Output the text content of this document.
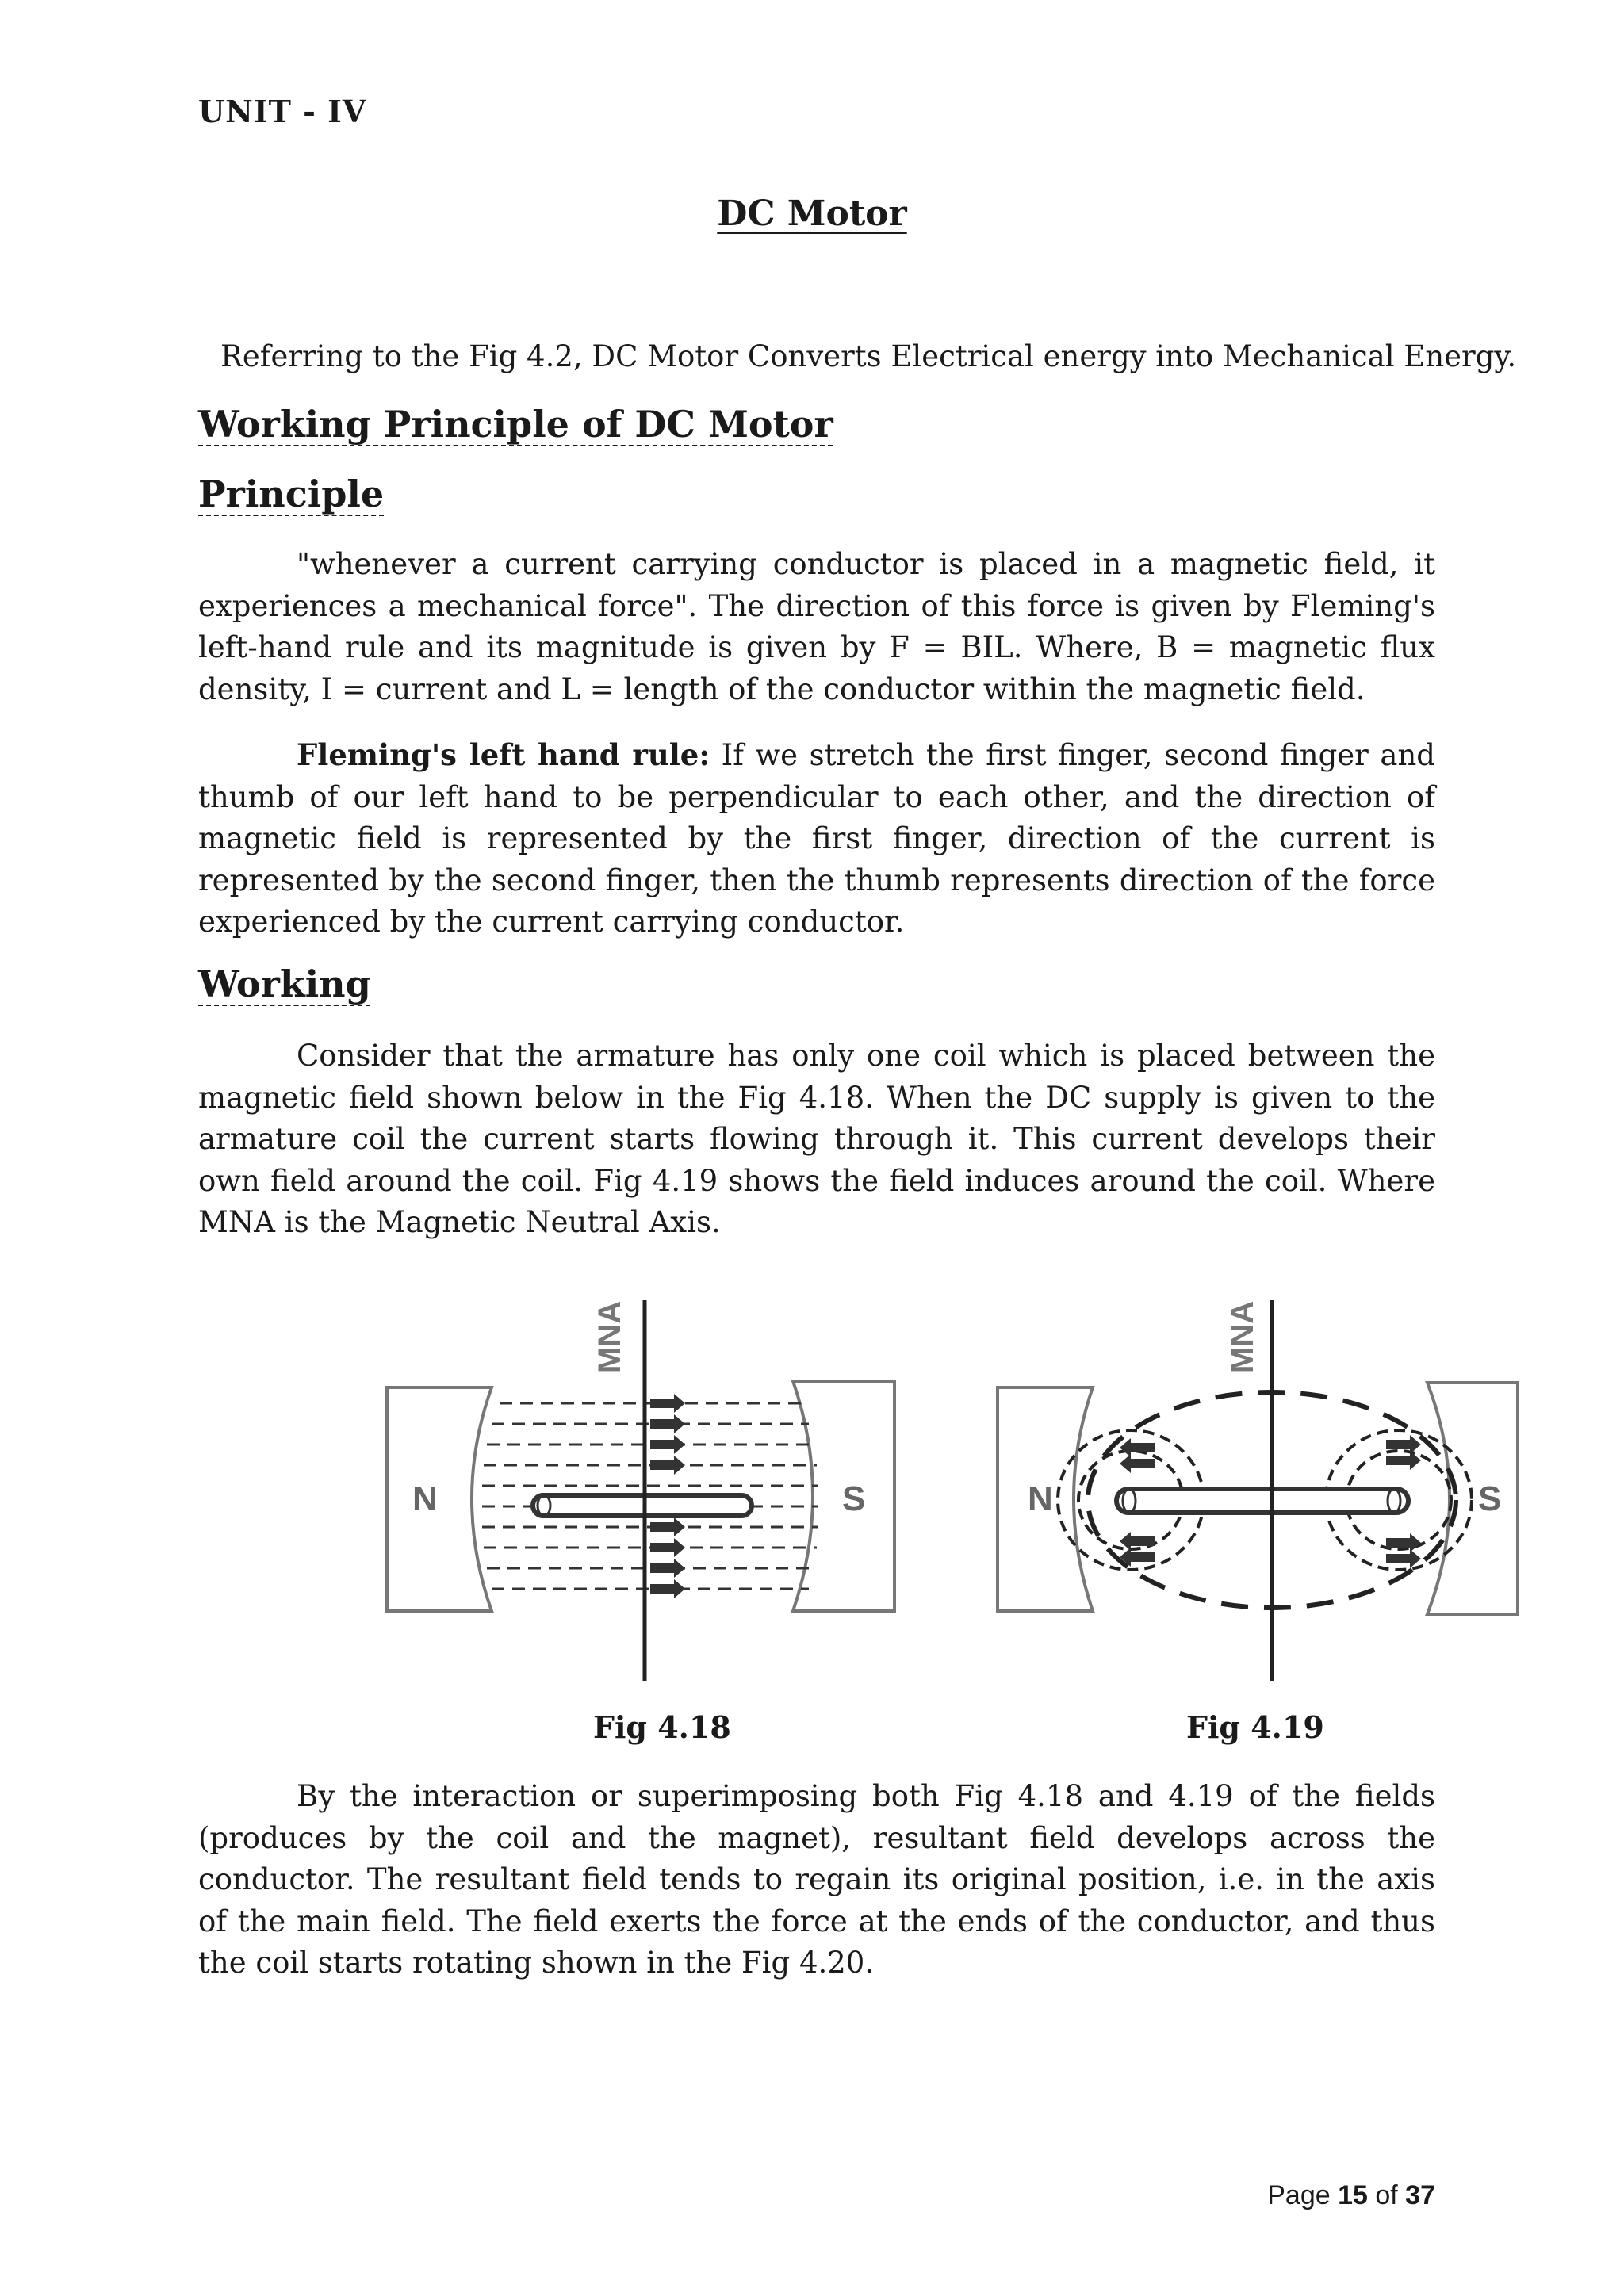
UNIT - IV
DC Motor
Referring to the Fig 4.2, DC Motor Converts Electrical energy into Mechanical Energy.
Working Principle of DC Motor
Principle
"whenever a current carrying conductor is placed in a magnetic field, it experiences a mechanical force". The direction of this force is given by Fleming's left-hand rule and its magnitude is given by F = BIL. Where, B = magnetic flux density, I = current and L = length of the conductor within the magnetic field.
Fleming's left hand rule: If we stretch the first finger, second finger and thumb of our left hand to be perpendicular to each other, and the direction of magnetic field is represented by the first finger, direction of the current is represented by the second finger, then the thumb represents direction of the force experienced by the current carrying conductor.
Working
Consider that the armature has only one coil which is placed between the magnetic field shown below in the Fig 4.18. When the DC supply is given to the armature coil the current starts flowing through it. This current develops their own field around the coil. Fig 4.19 shows the field induces around the coil. Where MNA is the Magnetic Neutral Axis.
N	S
MNA
N	S
MNA
Fig 4.18	Fig 4.19
By the interaction or superimposing both Fig 4.18 and 4.19 of the fields (produces by the coil and the magnet), resultant field develops across the conductor. The resultant field tends to regain its original position, i.e. in the axis of the main field. The field exerts the force at the ends of the conductor, and thus the coil starts rotating shown in the Fig 4.20.
Page 15 of 37
